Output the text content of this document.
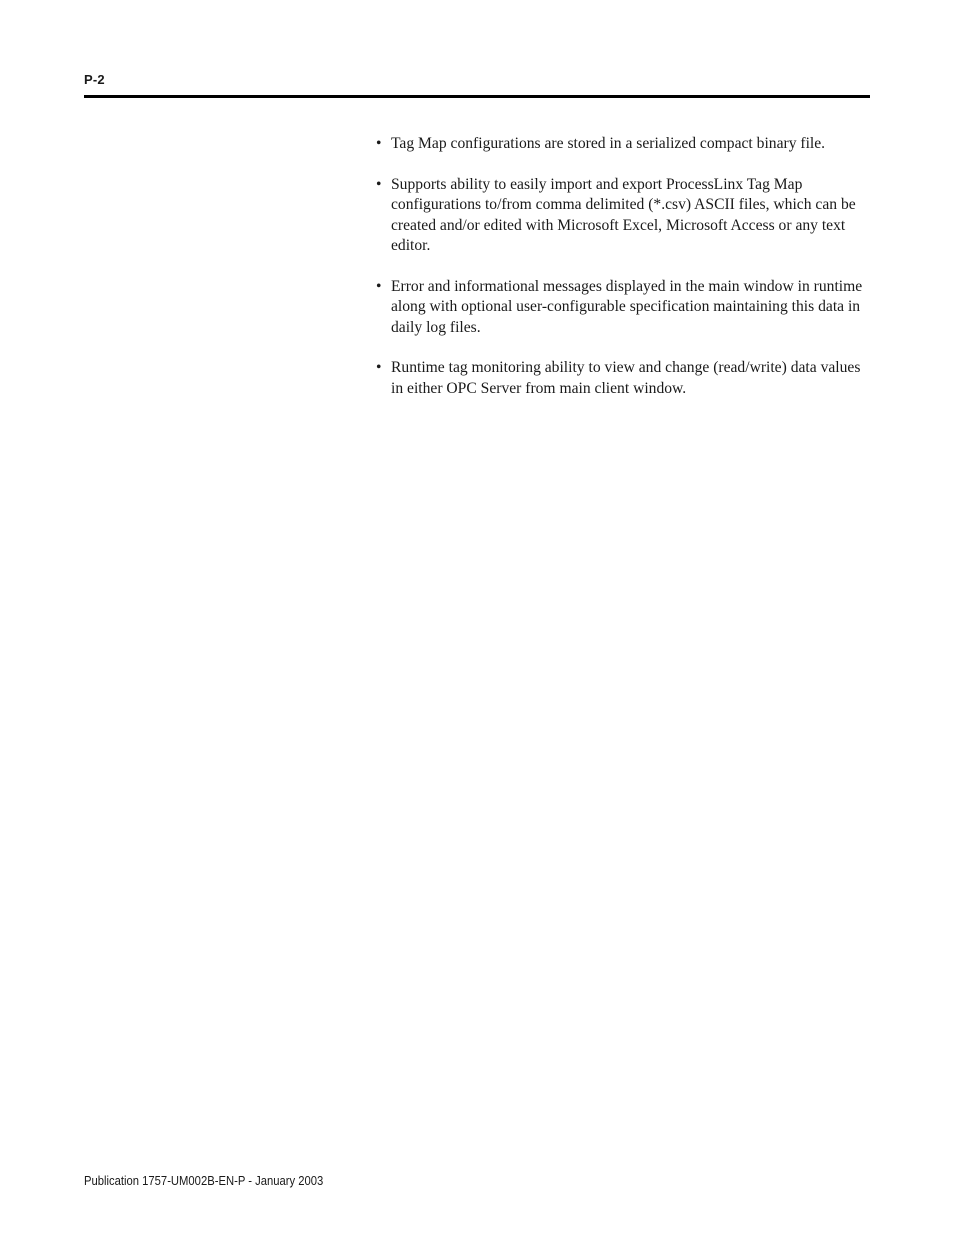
P-2
• Tag Map configurations are stored in a serialized compact binary file.
• Supports ability to easily import and export ProcessLinx Tag Map configurations to/from comma delimited (*.csv) ASCII files, which can be created and/or edited with Microsoft Excel, Microsoft Access or any text editor.
• Error and informational messages displayed in the main window in runtime along with optional user-configurable specification maintaining this data in daily log files.
• Runtime tag monitoring ability to view and change (read/write) data values in either OPC Server from main client window.
Publication 1757-UM002B-EN-P - January 2003
